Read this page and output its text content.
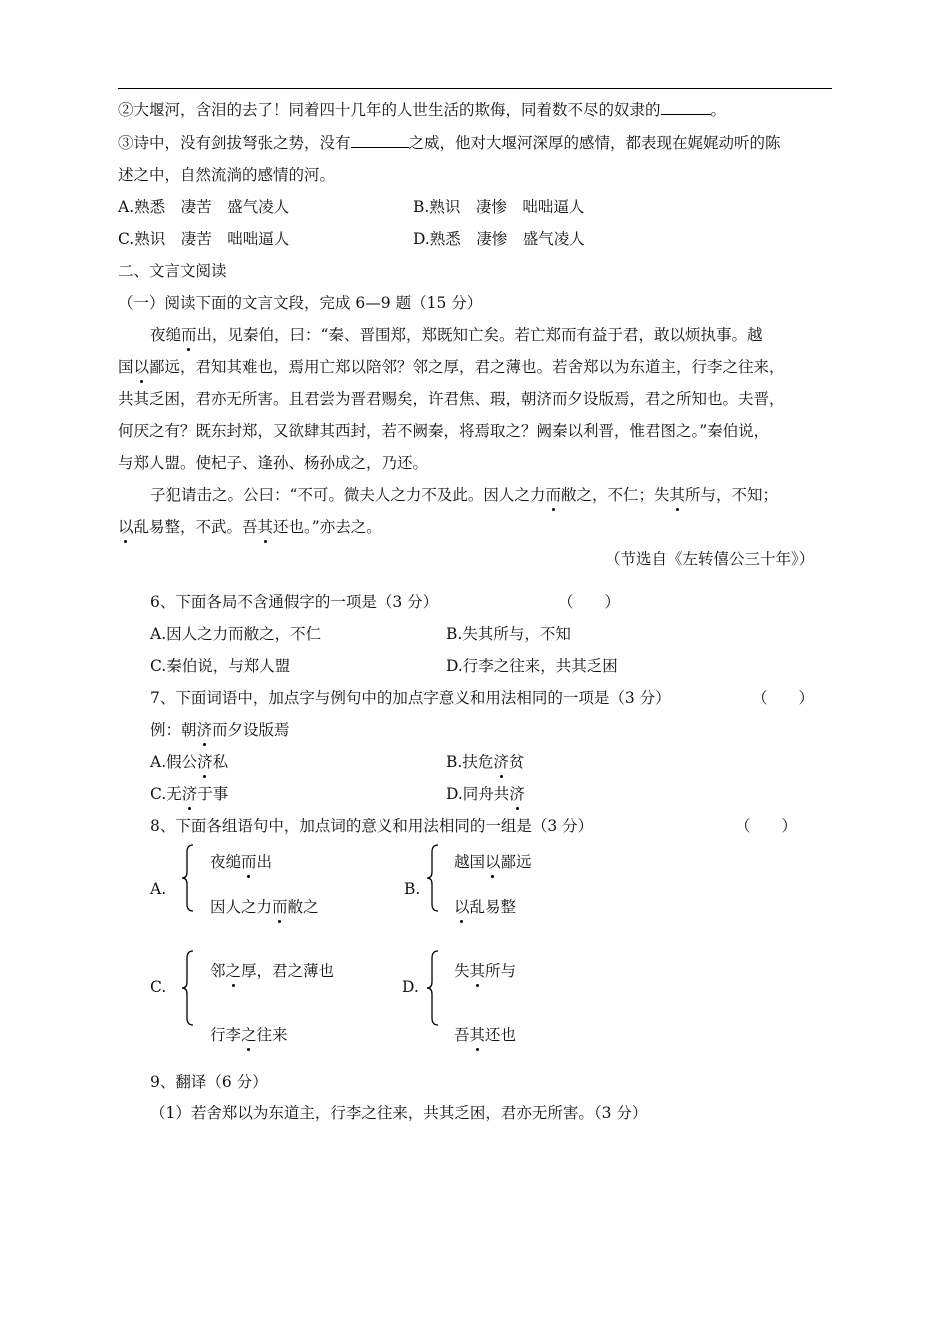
②大堰河，含泪的去了！同着四十几年的人世生活的欺侮，同着数不尽的奴隶的	。
③诗中，没有剑拔弩张之势，没有	之威，他对大堰河深厚的感情，都表现在娓娓动听的陈
述之中，自然流淌的感情的河。
A.熟悉　凄苦　盛气凌人	B.熟识　凄惨　咄咄逼人
C.熟识　凄苦　咄咄逼人	D.熟悉　凄惨　盛气凌人
二、文言文阅读
（一）阅读下面的文言文段，完成 6—9 题（15 分）
夜缒而出，见秦伯，曰：“秦、晋围郑，郑既知亡矣。若亡郑而有益于君，敢以烦执事。越
国以鄙远，君知其难也，焉用亡郑以陪邻？邻之厚，君之薄也。若舍郑以为东道主，行李之往来，
共其乏困，君亦无所害。且君尝为晋君赐矣，许君焦、瑕，朝济而夕设版焉，君之所知也。夫晋，
何厌之有？既东封郑，又欲肆其西封，若不阙秦，将焉取之？阙秦以利晋，惟君图之。”秦伯说，
与郑人盟。使杞子、逢孙、杨孙成之，乃还。
子犯请击之。公曰：“不可。微夫人之力不及此。因人之力而敝之，不仁；失其所与，不知；
以乱易整，不武。吾其还也。”亦去之。
（节选自《左转僖公三十年》）
6、下面各局不含通假字的一项是（3 分）	（　　）
A.因人之力而敝之，不仁	B.失其所与，不知
C.秦伯说，与郑人盟	D.行李之往来，共其乏困
7、下面词语中，加点字与例句中的加点字意义和用法相同的一项是（3 分）	（　　）
例：朝济而夕设版焉
A.假公济私	B.扶危济贫
C.无济于事	D.同舟共济
8、下面各组语句中，加点词的意义和用法相同的一组是（3 分）	（　　）
A.
夜缒而出
因人之力而敝之
B.
越国以鄙远
以乱易整
C.
邻之厚，君之薄也
行李之往来
D.
失其所与
吾其还也
9、翻译（6 分）
（1）若舍郑以为东道主，行李之往来，共其乏困，君亦无所害。（3 分）
